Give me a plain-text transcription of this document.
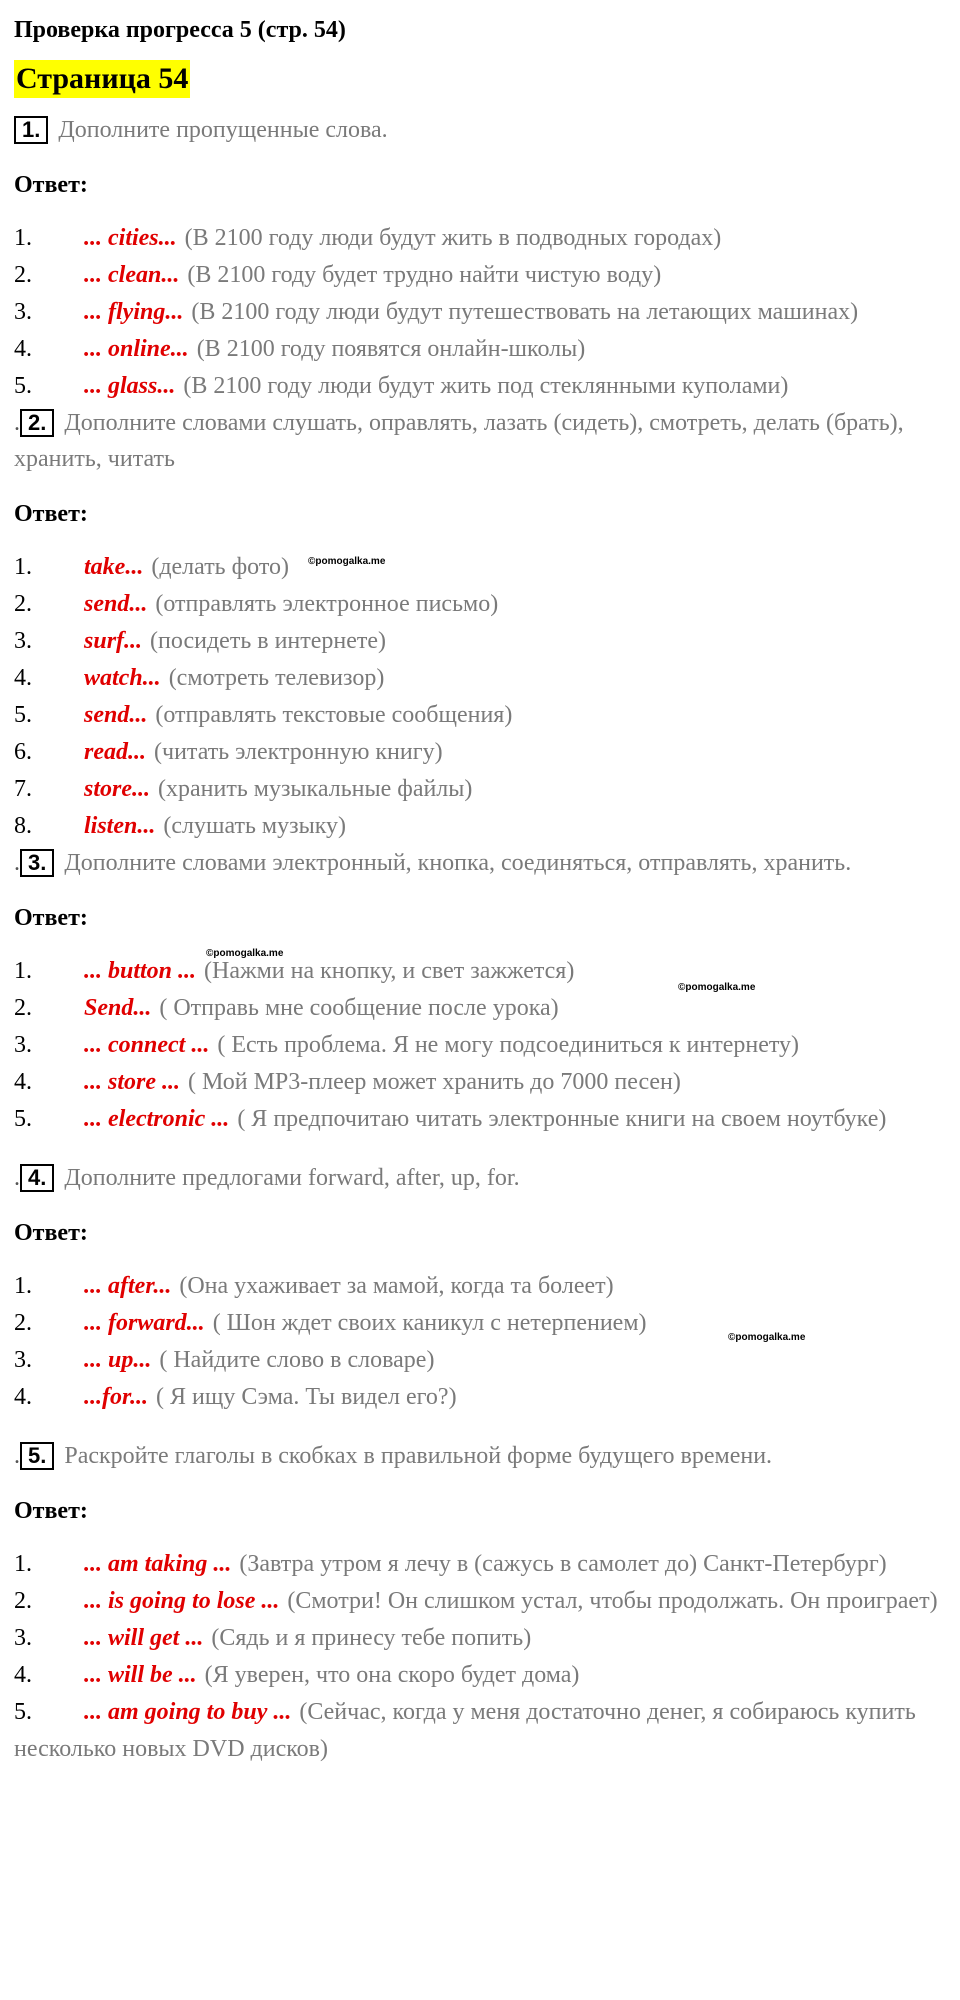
Проверка прогресса 5 (стр. 54)
Страница 54

1. Дополните пропущенные слова.

Ответ:
1. ... cities... (В 2100 году люди будут жить в подводных городах)
2. ... clean... (В 2100 году будет трудно найти чистую воду)
3. ... flying... (В 2100 году люди будут путешествовать на летающих машинах)
4. ... online... (В 2100 году появятся онлайн-школы)
5. ... glass... (В 2100 году люди будут жить под стеклянными куполами)

. 2. Дополните словами слушать, оправлять, лазать (сидеть), смотреть, делать (брать), хранить, читать

Ответ:
1. take... (делать фото)
2. send... (отправлять электронное письмо)
3. surf... (посидеть в интернете)
4. watch... (смотреть телевизор)
5. send... (отправлять текстовые сообщения)
6. read... (читать электронную книгу)
7. store... (хранить музыкальные файлы)
8. listen... (слушать музыку)

. 3. Дополните словами электронный, кнопка, соединяться, отправлять, хранить.

Ответ:
1. ... button ... (Нажми на кнопку, и свет зажжется)
2. Send... ( Отправь мне сообщение после урока)
3. ... connect ... ( Есть проблема. Я не могу подсоединиться к интернету)
4. ... store ... ( Мой MP3-плеер может хранить до 7000 песен)
5. ... electronic ... ( Я предпочитаю читать электронные книги на своем ноутбуке)

. 4. Дополните предлогами forward, after, up, for.

Ответ:
1. ... after... (Она ухаживает за мамой, когда та болеет)
2. ... forward... ( Шон ждет своих каникул с нетерпением)
3. ... up... ( Найдите слово в словаре)
4. ...for... ( Я ищу Сэма. Ты видел его?)

. 5. Раскройте глаголы в скобках в правильной форме будущего времени.

Ответ:
1. ... am taking ... (Завтра утром я лечу в (сажусь в самолет до) Санкт-Петербург)
2. ... is going to lose ... (Смотри! Он слишком устал, чтобы продолжать. Он проиграет)
3. ... will get ... (Сядь и я принесу тебе попить)
4. ... will be ... (Я уверен, что она скоро будет дома)
5. ... am going to buy ... (Сейчас, когда у меня достаточно денег, я собираюсь купить несколько новых DVD дисков)
©pomogalka.me
©pomogalka.me
©pomogalka.me
©pomogalka.me
